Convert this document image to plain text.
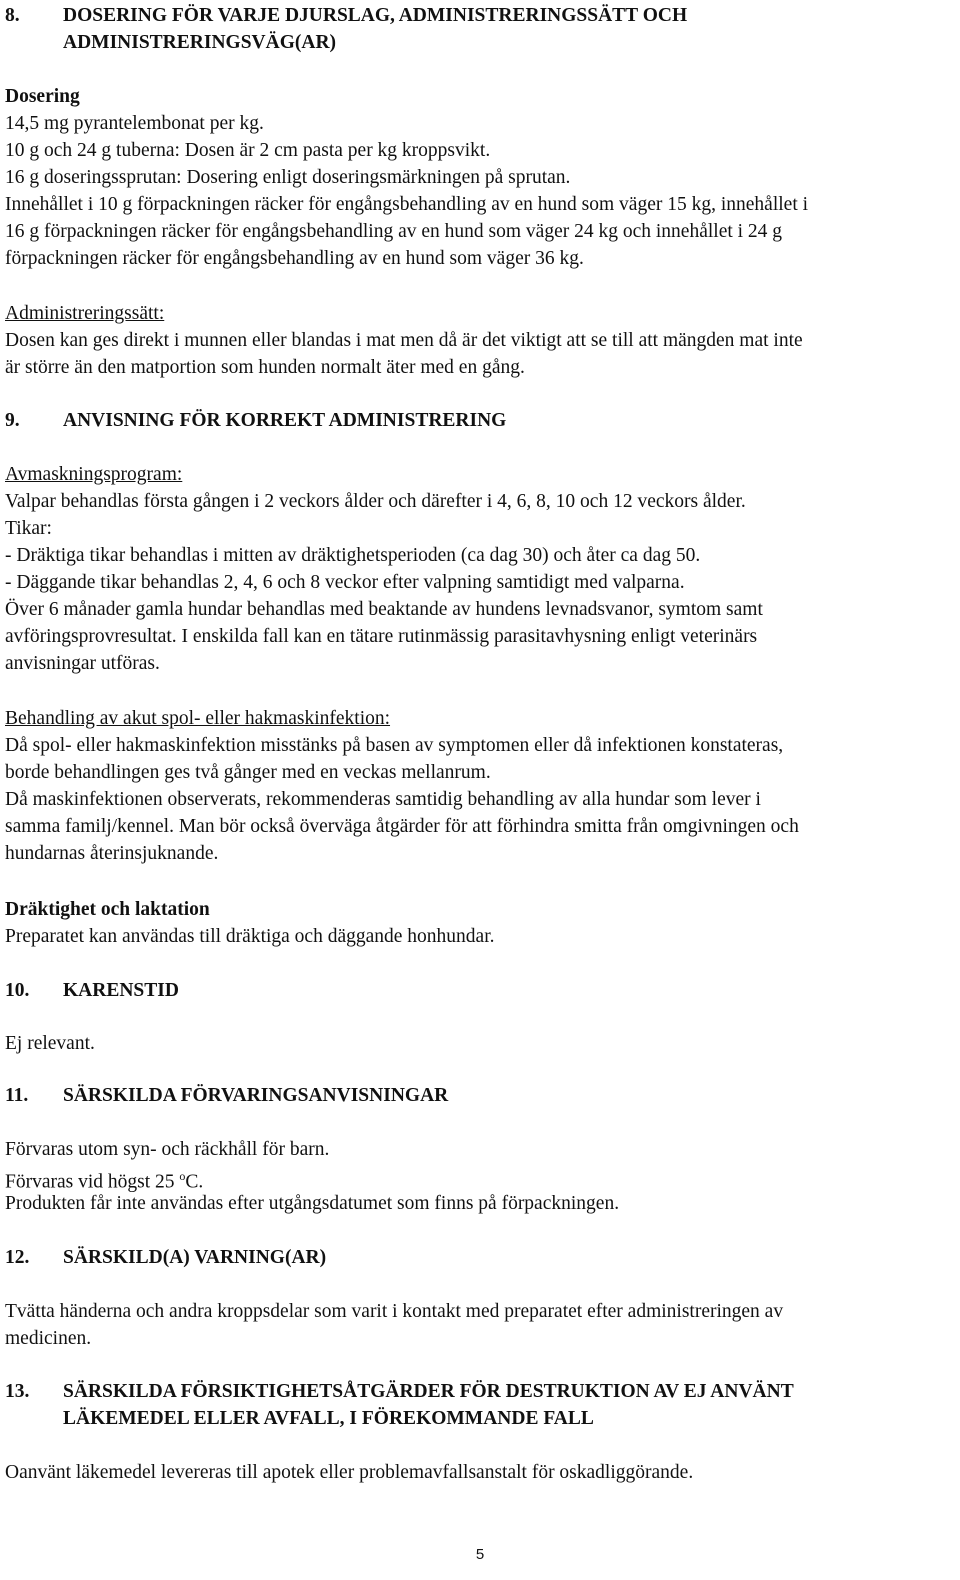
8. DOSERING FÖR VARJE DJURSLAG, ADMINISTRERINGSSÄTT OCH
ADMINISTRERINGSVÄG(AR)
Dosering
14,5 mg pyrantelembonat per kg.
10 g och 24 g tuberna: Dosen är 2 cm pasta per kg kroppsvikt.
16 g doseringssprutan: Dosering enligt doseringsmärkningen på sprutan.
Innehållet i 10 g förpackningen räcker för engångsbehandling av en hund som väger 15 kg, innehållet i
16 g förpackningen räcker för engångsbehandling av en hund som väger 24 kg och innehållet i 24 g
förpackningen räcker för engångsbehandling av en hund som väger 36 kg.
Administreringssätt:
Dosen kan ges direkt i munnen eller blandas i mat men då är det viktigt att se till att mängden mat inte
är större än den matportion som hunden normalt äter med en gång.
9. ANVISNING FÖR KORREKT ADMINISTRERING
Avmaskningsprogram:
Valpar behandlas första gången i 2 veckors ålder och därefter i 4, 6, 8, 10 och 12 veckors ålder.
Tikar:
- Dräktiga tikar behandlas i mitten av dräktighetsperioden (ca dag 30) och åter ca dag 50.
- Däggande tikar behandlas 2, 4, 6 och 8 veckor efter valpning samtidigt med valparna.
Över 6 månader gamla hundar behandlas med beaktande av hundens levnadsvanor, symtom samt
avföringsprovresultat. I enskilda fall kan en tätare rutinmässig parasitavhysning enligt veterinärs
anvisningar utföras.
Behandling av akut spol- eller hakmaskinfektion:
Då spol- eller hakmaskinfektion misstänks på basen av symptomen eller då infektionen konstateras,
borde behandlingen ges två gånger med en veckas mellanrum.
Då maskinfektionen observerats, rekommenderas samtidig behandling av alla hundar som lever i
samma familj/kennel. Man bör också överväga åtgärder för att förhindra smitta från omgivningen och
hundarnas återinsjuknande.
Dräktighet och laktation
Preparatet kan användas till dräktiga och däggande honhundar.
10. KARENSTID
Ej relevant.
11. SÄRSKILDA FÖRVARINGSANVISNINGAR
Förvaras utom syn- och räckhåll för barn.
Förvaras vid högst 25 $^o$C.
Produkten får inte användas efter utgångsdatumet som finns på förpackningen.
12. SÄRSKILD(A) VARNING(AR)
Tvätta händerna och andra kroppsdelar som varit i kontakt med preparatet efter administreringen av
medicinen.
13. SÄRSKILDA FÖRSIKTIGHETSÅTGÄRDER FÖR DESTRUKTION AV EJ ANVÄNT
LÄKEMEDEL ELLER AVFALL, I FÖREKOMMANDE FALL
Oanvänt läkemedel levereras till apotek eller problemavfallsanstalt för oskadliggörande.
5
